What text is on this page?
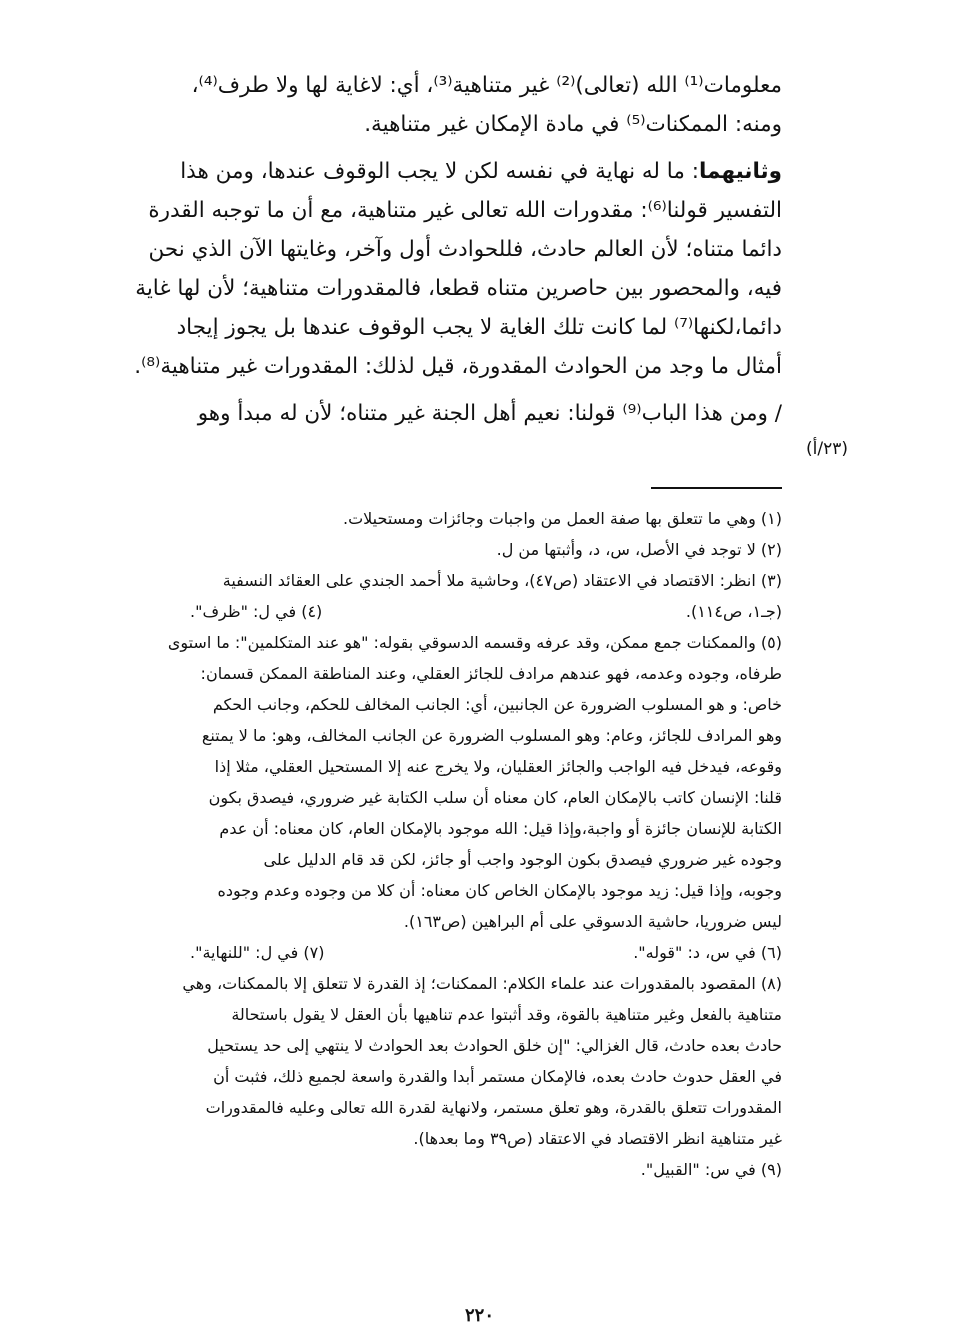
معلومات⁽¹⁾ الله (تعالى)⁽²⁾ غير متناهية⁽³⁾، أي: لاغاية لها ولا طرف⁽⁴⁾،
ومنه: الممكنات⁽⁵⁾ في مادة الإمكان غير متناهية.
وثانيهما: ما له نهاية في نفسه لكن لا يجب الوقوف عندها، ومن هذا
التفسير قولنا⁽⁶⁾: مقدورات الله تعالى غير متناهية، مع أن ما توجبه القدرة
دائما متناه؛ لأن العالم حادث، فللحوادث أول وآخر، وغايتها الآن الذي نحن
فيه، والمحصور بين حاصرين متناه قطعا، فالمقدورات متناهية؛ لأن لها غاية
دائما،لكنها⁽⁷⁾ لما كانت تلك الغاية لا يجب الوقوف عندها بل يجوز إيجاد
أمثال ما وجد من الحوادث المقدورة، قيل لذلك: المقدورات غير متناهية⁽⁸⁾.
/ ومن هذا الباب⁽⁹⁾ قولنا: نعيم أهل الجنة غير متناه؛ لأن له مبدأ وهو
(٢٣/أ)
(١) وهي ما تتعلق بها صفة العمل من واجبات وجائزات ومستحيلات.
(٢) لا توجد في الأصل، س، د، وأثبتها من ل.
(٣) انظر: الاقتصاد في الاعتقاد (ص٤٧)، وحاشية ملا أحمد الجندي على العقائد النسفية
(جـ١، ص١١٤).
(٤) في ل: "ظرف".
(٥) والممكنات جمع ممكن، وقد عرفه وقسمه الدسوقي بقوله: "هو عند المتكلمين": ما استوى
طرفاه، وجوده وعدمه، فهو عندهم مرادف للجائز العقلي، وعند المناطقة الممكن قسمان:
خاص: و هو المسلوب الضرورة عن الجانبين، أي: الجانب المخالف للحكم، وجانب الحكم
وهو المرادف للجائز، وعام: وهو المسلوب الضرورة عن الجانب المخالف، وهو: ما لا يمتنع
وقوعه، فيدخل فيه الواجب والجائز العقليان، ولا يخرج عنه إلا المستحيل العقلي، مثلا إذا
قلنا: الإنسان كاتب بالإمكان العام، كان معناه أن سلب الكتابة غير ضروري، فيصدق بكون
الكتابة للإنسان جائزة أو واجبة،وإذا قيل: الله موجود بالإمكان العام، كان معناه: أن عدم
وجوده غير ضروري فيصدق بكون الوجود واجب أو جائز، لكن قد قام الدليل على
وجوبه، وإذا قيل: زيد موجود بالإمكان الخاص كان معناه: أن كلا من وجوده وعدم وجوده
ليس ضروريا، حاشية الدسوقي على أم البراهين (ص١٦٣).
(٦) في س، د: "قوله".
(٧) في ل: "للنهاية".
(٨) المقصود بالمقدورات عند علماء الكلام: الممكنات؛ إذ القدرة لا تتعلق إلا بالممكنات، وهي
متناهية بالفعل وغير متناهية بالقوة، وقد أثبتوا عدم تناهيها بأن العقل لا يقول باستحالة
حادث بعده حادث، قال الغزالي: "إن خلق الحوادث بعد الحوادث لا ينتهي إلى حد يستحيل
في العقل حدوث حادث بعده، فالإمكان مستمر أبدا والقدرة واسعة لجميع ذلك، فثبت أن
المقدورات تتعلق بالقدرة، وهو تعلق مستمر، ولانهاية لقدرة الله تعالى وعليه فالمقدورات
غير متناهية انظر الاقتصاد في الاعتقاد (ص٣٩ وما بعدها).
(٩) في س: "القبيل".
٢٢٠
